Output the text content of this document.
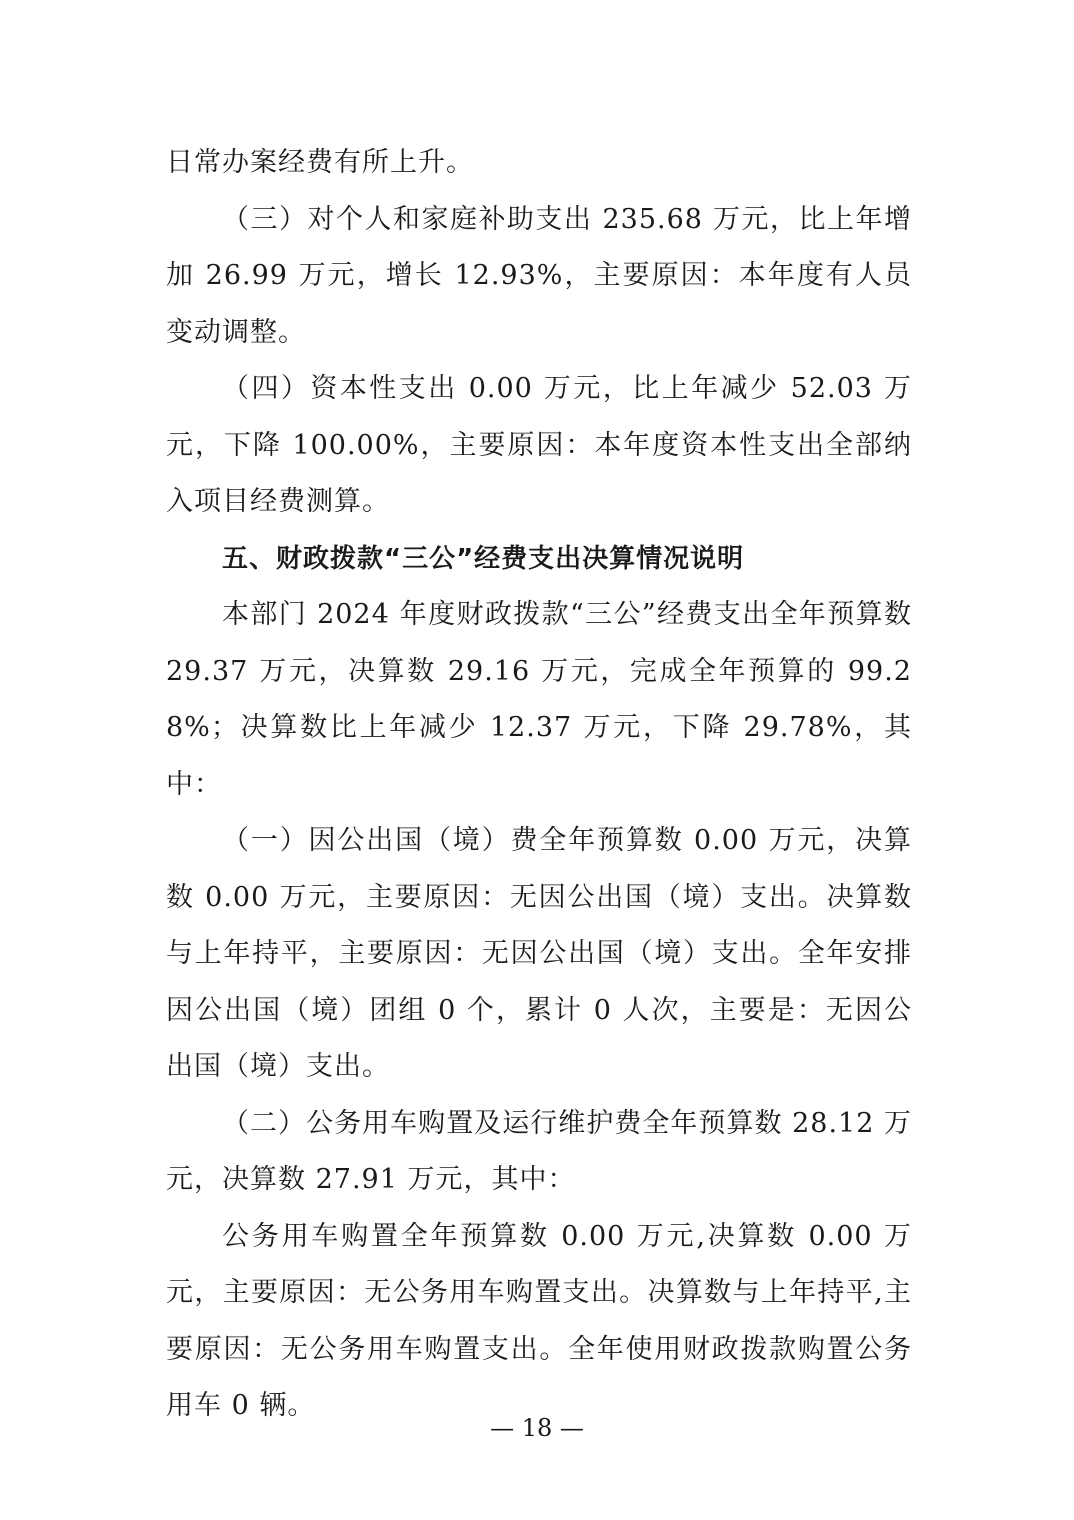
日常办案经费有所上升。

（三）对个人和家庭补助支出 235.68 万元，比上年增加 26.99 万元，增长 12.93%，主要原因：本年度有人员变动调整。

（四）资本性支出 0.00 万元，比上年减少 52.03 万元，下降 100.00%，主要原因：本年度资本性支出全部纳入项目经费测算。

五、财政拨款“三公”经费支出决算情况说明

本部门 2024 年度财政拨款“三公”经费支出全年预算数 29.37 万元，决算数 29.16 万元，完成全年预算的 99.28%；决算数比上年减少 12.37 万元，下降 29.78%，其中：

（一）因公出国（境）费全年预算数 0.00 万元，决算数 0.00 万元，主要原因：无因公出国（境）支出。决算数与上年持平，主要原因：无因公出国（境）支出。全年安排因公出国（境）团组 0 个，累计 0 人次，主要是：无因公出国（境）支出。

（二）公务用车购置及运行维护费全年预算数 28.12 万元，决算数 27.91 万元，其中：

公务用车购置全年预算数 0.00 万元,决算数 0.00 万元，主要原因：无公务用车购置支出。决算数与上年持平,主要原因：无公务用车购置支出。全年使用财政拨款购置公务用车 0 辆。

— 18 —
